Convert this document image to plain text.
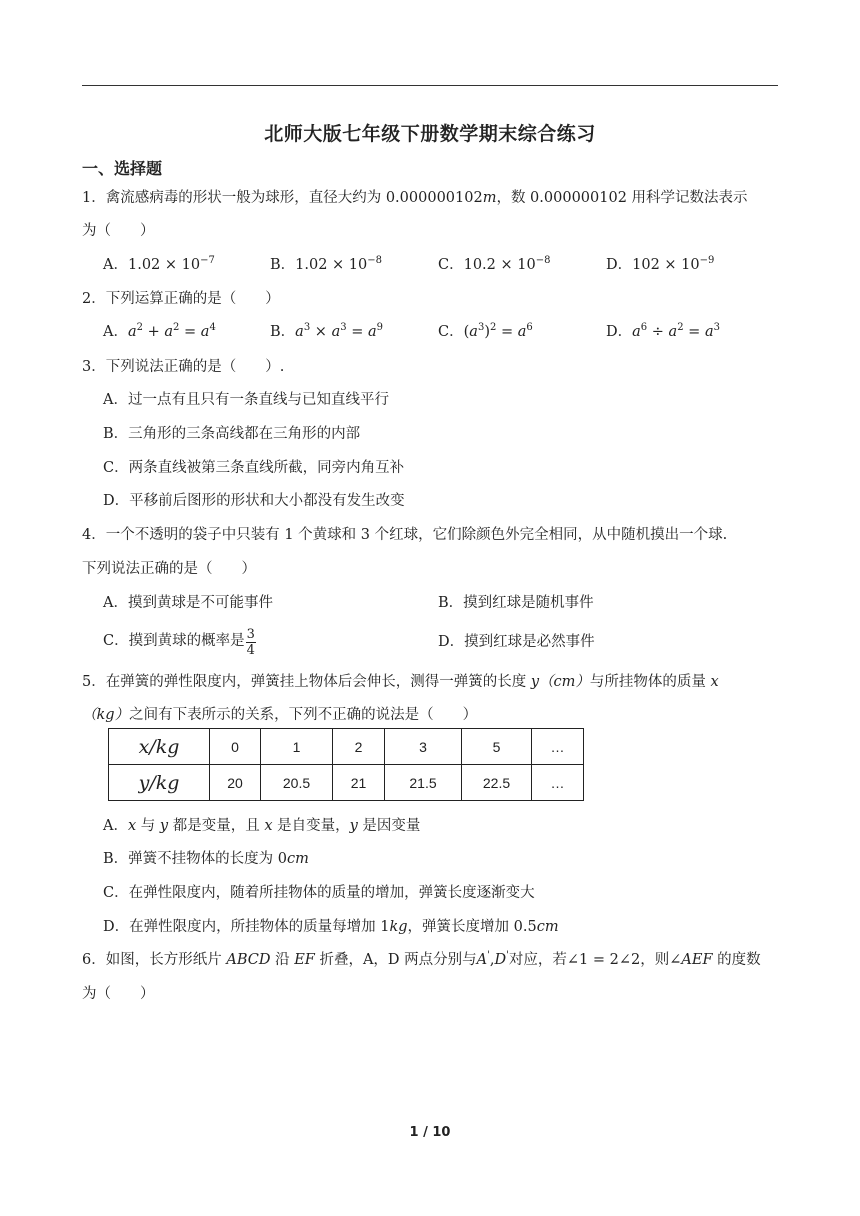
北师大版七年级下册数学期末综合练习
一、选择题
1．禽流感病毒的形状一般为球形，直径大约为 0.000000102m，数 0.000000102 用科学记数法表示
为（　　）
A．$1.02 \times 10^{-7}$	B．$1.02 \times 10^{-8}$	C．$10.2 \times 10^{-8}$	D．$102 \times 10^{-9}$
2．下列运算正确的是（　　）
A．$a^2 + a^2 = a^4$	B．$a^3 \times a^3 = a^9$	C．$(a^3)^2 = a^6$	D．$a^6 \div a^2 = a^3$
3．下列说法正确的是（　　）.
A．过一点有且只有一条直线与已知直线平行
B．三角形的三条高线都在三角形的内部
C．两条直线被第三条直线所截，同旁内角互补
D．平移前后图形的形状和大小都没有发生改变
4．一个不透明的袋子中只装有 1 个黄球和 3 个红球，它们除颜色外完全相同，从中随机摸出一个球.
下列说法正确的是（　　）
A．摸到黄球是不可能事件	B．摸到红球是随机事件
C．摸到黄球的概率是 $\frac{3}{4}$	D．摸到红球是必然事件
5．在弹簧的弹性限度内，弹簧挂上物体后会伸长，测得一弹簧的长度 y（cm）与所挂物体的质量 x
（kg）之间有下表所示的关系，下列不正确的说法是（　　）
x/kg	0	1	2	3	5	…
y/kg	20	20.5	21	21.5	22.5	…
A．x 与 y 都是变量，且 x 是自变量，y 是因变量
B．弹簧不挂物体的长度为 0cm
C．在弹性限度内，随着所挂物体的质量的增加，弹簧长度逐渐变大
D．在弹性限度内，所挂物体的质量每增加 1kg，弹簧长度增加 0.5cm
6．如图，长方形纸片 ABCD 沿 EF 折叠，A，D 两点分别与A',D'对应，若∠1 = 2∠2，则∠AEF 的度数
为（　　）
1 / 10
